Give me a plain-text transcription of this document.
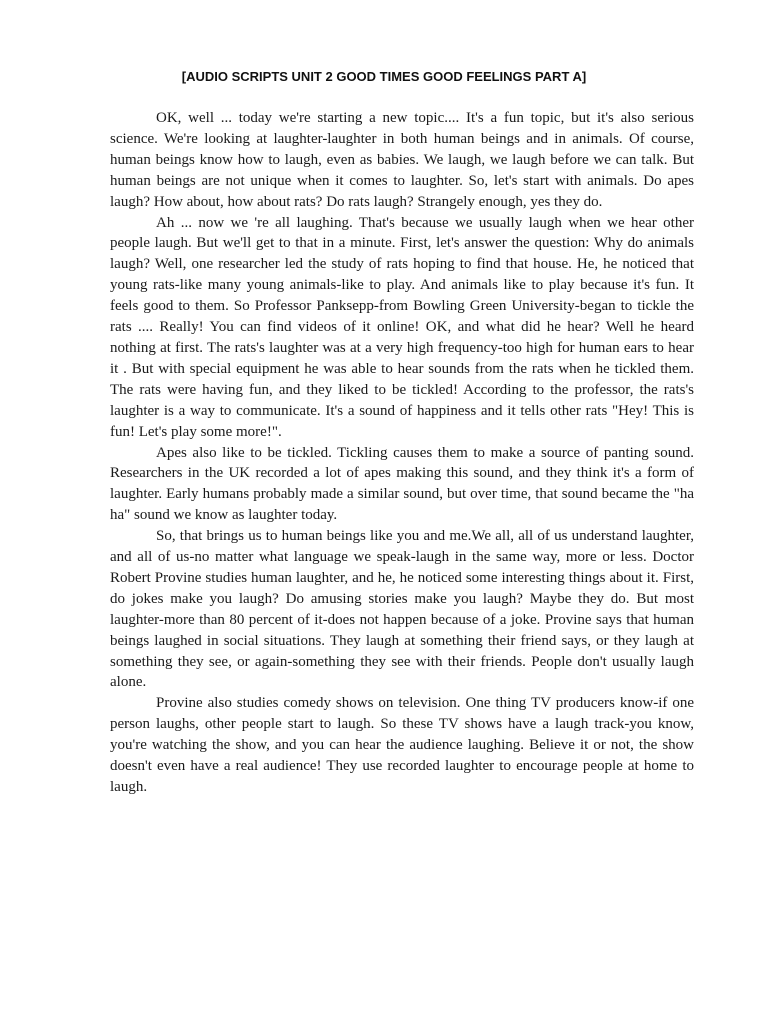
[AUDIO SCRIPTS UNIT 2 GOOD TIMES GOOD FEELINGS PART A]

OK, well ... today we're starting a new topic.... It's a fun topic, but it's also serious science. We're looking at laughter-laughter in both human beings and in animals. Of course, human beings know how to laugh, even as babies. We laugh, we laugh before we can talk. But human beings are not unique when it comes to laughter. So, let's start with animals. Do apes laugh? How about, how about rats? Do rats laugh? Strangely enough, yes they do.

Ah ... now we 're all laughing. That's because we usually laugh when we hear other people laugh. But we'll get to that in a minute. First, let's answer the question: Why do animals laugh? Well, one researcher led the study of rats hoping to find that house. He, he noticed that young rats-like many young animals-like to play. And animals like to play because it's fun. It feels good to them. So Professor Panksepp-from Bowling Green University-began to tickle the rats .... Really! You can find videos of it online! OK, and what did he hear? Well he heard nothing at first. The rats's laughter was at a very high frequency-too high for human ears to hear it . But with special equipment he was able to hear sounds from the rats when he tickled them. The rats were having fun, and they liked to be tickled! According to the professor, the rats's laughter is a way to communicate. It's a sound of happiness and it tells other rats "Hey! This is fun! Let's play some more!".

Apes also like to be tickled. Tickling causes them to make a source of panting sound. Researchers in the UK recorded a lot of apes making this sound, and they think it's a form of laughter. Early humans probably made a similar sound, but over time, that sound became the "ha ha" sound we know as laughter today.

So, that brings us to human beings like you and me.We all, all of us understand laughter, and all of us-no matter what language we speak-laugh in the same way, more or less. Doctor Robert Provine studies human laughter, and he, he noticed some interesting things about it. First, do jokes make you laugh? Do amusing stories make you laugh? Maybe they do. But most laughter-more than 80 percent of it-does not happen because of a joke. Provine says that human beings laughed in social situations. They laugh at something their friend says, or they laugh at something they see, or again-something they see with their friends. People don't usually laugh alone.

Provine also studies comedy shows on television. One thing TV producers know-if one person laughs, other people start to laugh. So these TV shows have a laugh track-you know, you're watching the show, and you can hear the audience laughing. Believe it or not, the show doesn't even have a real audience! They use recorded laughter to encourage people at home to laugh.
